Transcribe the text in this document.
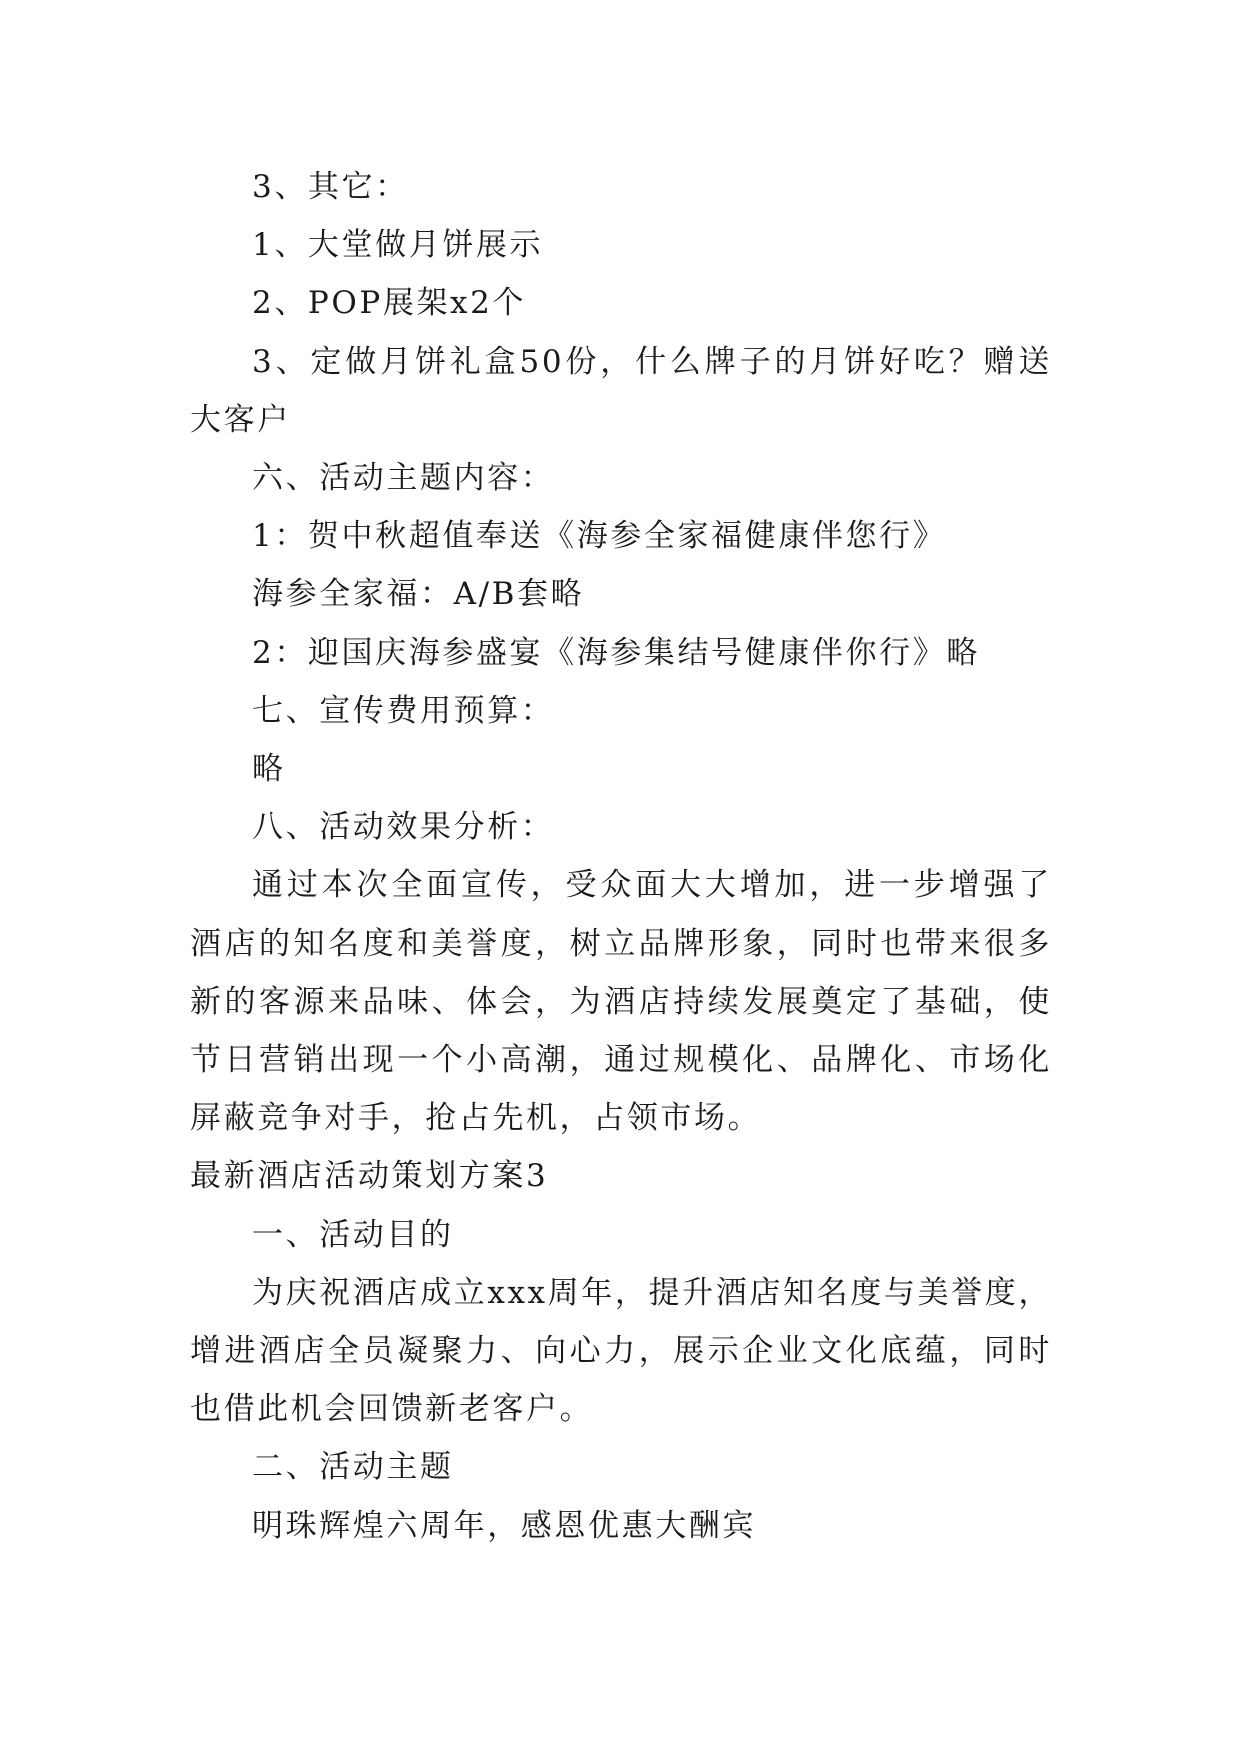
3、其它：

1、大堂做月饼展示

2、POP展架x2个

3、定做月饼礼盒50份，什么牌子的月饼好吃？赠送大客户

六、活动主题内容：

1：贺中秋超值奉送《海参全家福健康伴您行》

海参全家福：A/B套略

2：迎国庆海参盛宴《海参集结号健康伴你行》略

七、宣传费用预算：

略

八、活动效果分析：

通过本次全面宣传，受众面大大增加，进一步增强了酒店的知名度和美誉度，树立品牌形象，同时也带来很多新的客源来品味、体会，为酒店持续发展奠定了基础，使节日营销出现一个小高潮，通过规模化、品牌化、市场化屏蔽竞争对手，抢占先机，占领市场。

最新酒店活动策划方案3

一、活动目的

为庆祝酒店成立xxx周年，提升酒店知名度与美誉度，增进酒店全员凝聚力、向心力，展示企业文化底蕴，同时也借此机会回馈新老客户。

二、活动主题

明珠辉煌六周年，感恩优惠大酬宾
